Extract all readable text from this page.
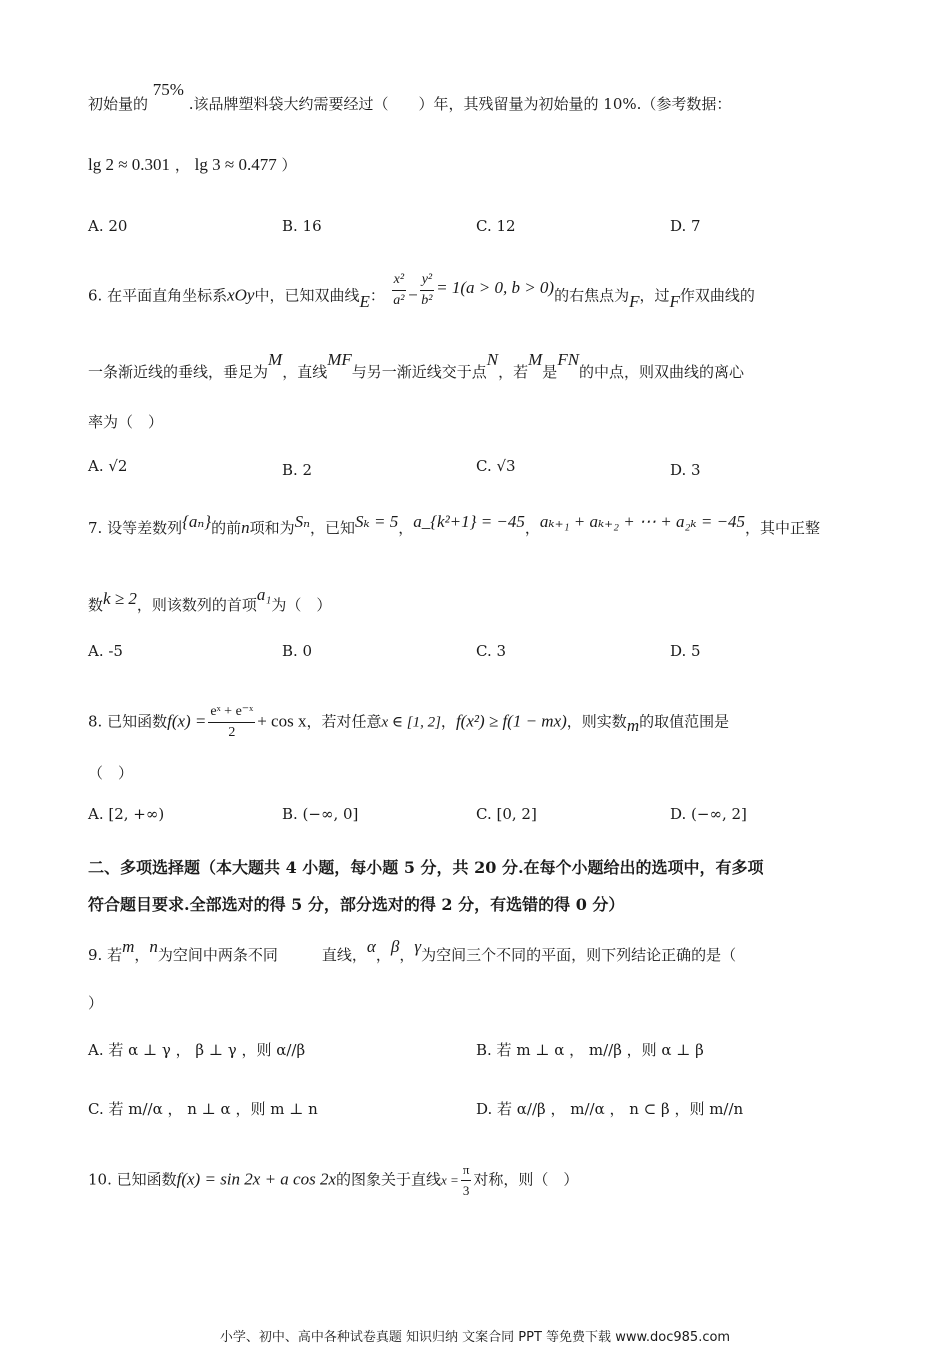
初始量的 75% .该品牌塑料袋大约需要经过（　　）年，其残留量为初始量的 10%.（参考数据：
lg 2 ≈ 0.301 ， lg 3 ≈ 0.477 ）
A. 20	B. 16	C. 12	D. 7
6. 在平面直角坐标系xOy中，已知双曲线E： $\frac{\text{x²}}{\text{a²}} - \frac{\text{y²}}{\text{b²}} = 1(a > 0$, b > 0)的右焦点为F，过F作双曲线的
一条渐近线的垂线，垂足为M，直线MF与另一渐近线交于点N，若M是FN的中点，则双曲线的离心
率为（　）
A. √2	B. 2	C. √3	D. 3
7. 设等差数列{aₙ}的前n项和为Sₙ，已知Sₖ = 5，a_{k²+1} = −45，aₖ₊₁ + aₖ₊₂ + ⋯ + a₂ₖ = −45，其中正整
数k ≥ 2，则该数列的首项a₁为（　）
A. -5	B. 0	C. 3	D. 5
8. 已知函数$f(x) = \frac{\text{eˣ + e⁻ˣ}}{2} + \cos x$，若对任意x ∈ [1, 2]，f(x²) ≥ f(1 − mx)，则实数m的取值范围是
（　）
A. [2, +∞)	B. (−∞, 0]	C. [0, 2]	D. (−∞, 2]
二、多项选择题（本大题共 4 小题，每小题 5 分，共 20 分.在每个小题给出的选项中，有多项
符合题目要求.全部选对的得 5 分，部分选对的得 2 分，有选错的得 0 分）
9. 若m，n为空间中两条不同	直线，α，β，γ为空间三个不同的平面，则下列结论正确的是（
）
A. 若 α ⊥ γ ， β ⊥ γ ，则 α//β	B. 若 m ⊥ α ， m//β ，则 α ⊥ β
C. 若 m//α ， n ⊥ α ，则 m ⊥ n	D. 若 α//β ， m//α ， n ⊂ β ，则 m//n
10. 已知函数f(x) = sin 2x + a cos 2x的图象关于直线$x = \frac{\pi}{3}$ 对称，则（　）
小学、初中、高中各种试卷真题 知识归纳 文案合同 PPT 等免费下载 www.doc985.com
